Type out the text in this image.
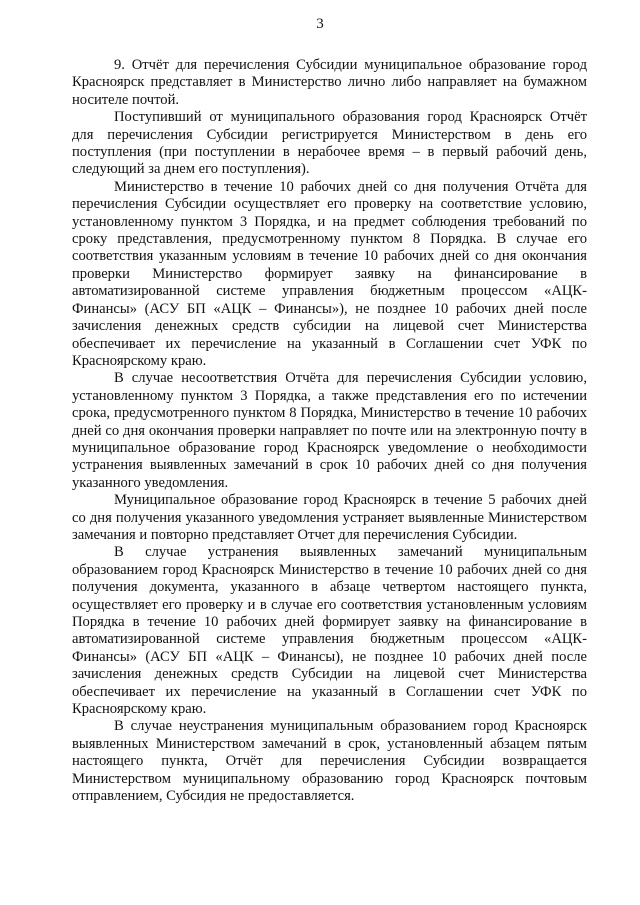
3

9. Отчёт для перечисления Субсидии муниципальное образование город Красноярск представляет в Министерство лично либо направляет на бумажном носителе почтой.

Поступивший от муниципального образования город Красноярск Отчёт для перечисления Субсидии регистрируется Министерством в день его поступления (при поступлении в нерабочее время – в первый рабочий день, следующий за днем его поступления).

Министерство в течение 10 рабочих дней со дня получения Отчёта для перечисления Субсидии осуществляет его проверку на соответствие условию, установленному пунктом 3 Порядка, и на предмет соблюдения требований по сроку представления, предусмотренному пунктом 8 Порядка. В случае его соответствия указанным условиям в течение 10 рабочих дней со дня окончания проверки Министерство формирует заявку на финансирование в автоматизированной системе управления бюджетным процессом «АЦК-Финансы» (АСУ БП «АЦК – Финансы»), не позднее 10 рабочих дней после зачисления денежных средств субсидии на лицевой счет Министерства обеспечивает их перечисление на указанный в Соглашении счет УФК по Красноярскому краю.

В случае несоответствия Отчёта для перечисления Субсидии условию, установленному пунктом 3 Порядка, а также представления его по истечении срока, предусмотренного пунктом 8 Порядка, Министерство в течение 10 рабочих дней со дня окончания проверки направляет по почте или на электронную почту в муниципальное образование город Красноярск уведомление о необходимости устранения выявленных замечаний в срок 10 рабочих дней со дня получения указанного уведомления.

Муниципальное образование город Красноярск в течение 5 рабочих дней со дня получения указанного уведомления устраняет выявленные Министерством замечания и повторно представляет Отчет для перечисления Субсидии.

В случае устранения выявленных замечаний муниципальным образованием город Красноярск Министерство в течение 10 рабочих дней со дня получения документа, указанного в абзаце четвертом настоящего пункта, осуществляет его проверку и в случае его соответствия установленным условиям Порядка в течение 10 рабочих дней формирует заявку на финансирование в автоматизированной системе управления бюджетным процессом «АЦК-Финансы» (АСУ БП «АЦК – Финансы), не позднее 10 рабочих дней после зачисления денежных средств Субсидии на лицевой счет Министерства обеспечивает их перечисление на указанный в Соглашении счет УФК по Красноярскому краю.

В случае неустранения муниципальным образованием город Красноярск выявленных Министерством замечаний в срок, установленный абзацем пятым настоящего пункта, Отчёт для перечисления Субсидии возвращается Министерством муниципальному образованию город Красноярск почтовым отправлением, Субсидия не предоставляется.
